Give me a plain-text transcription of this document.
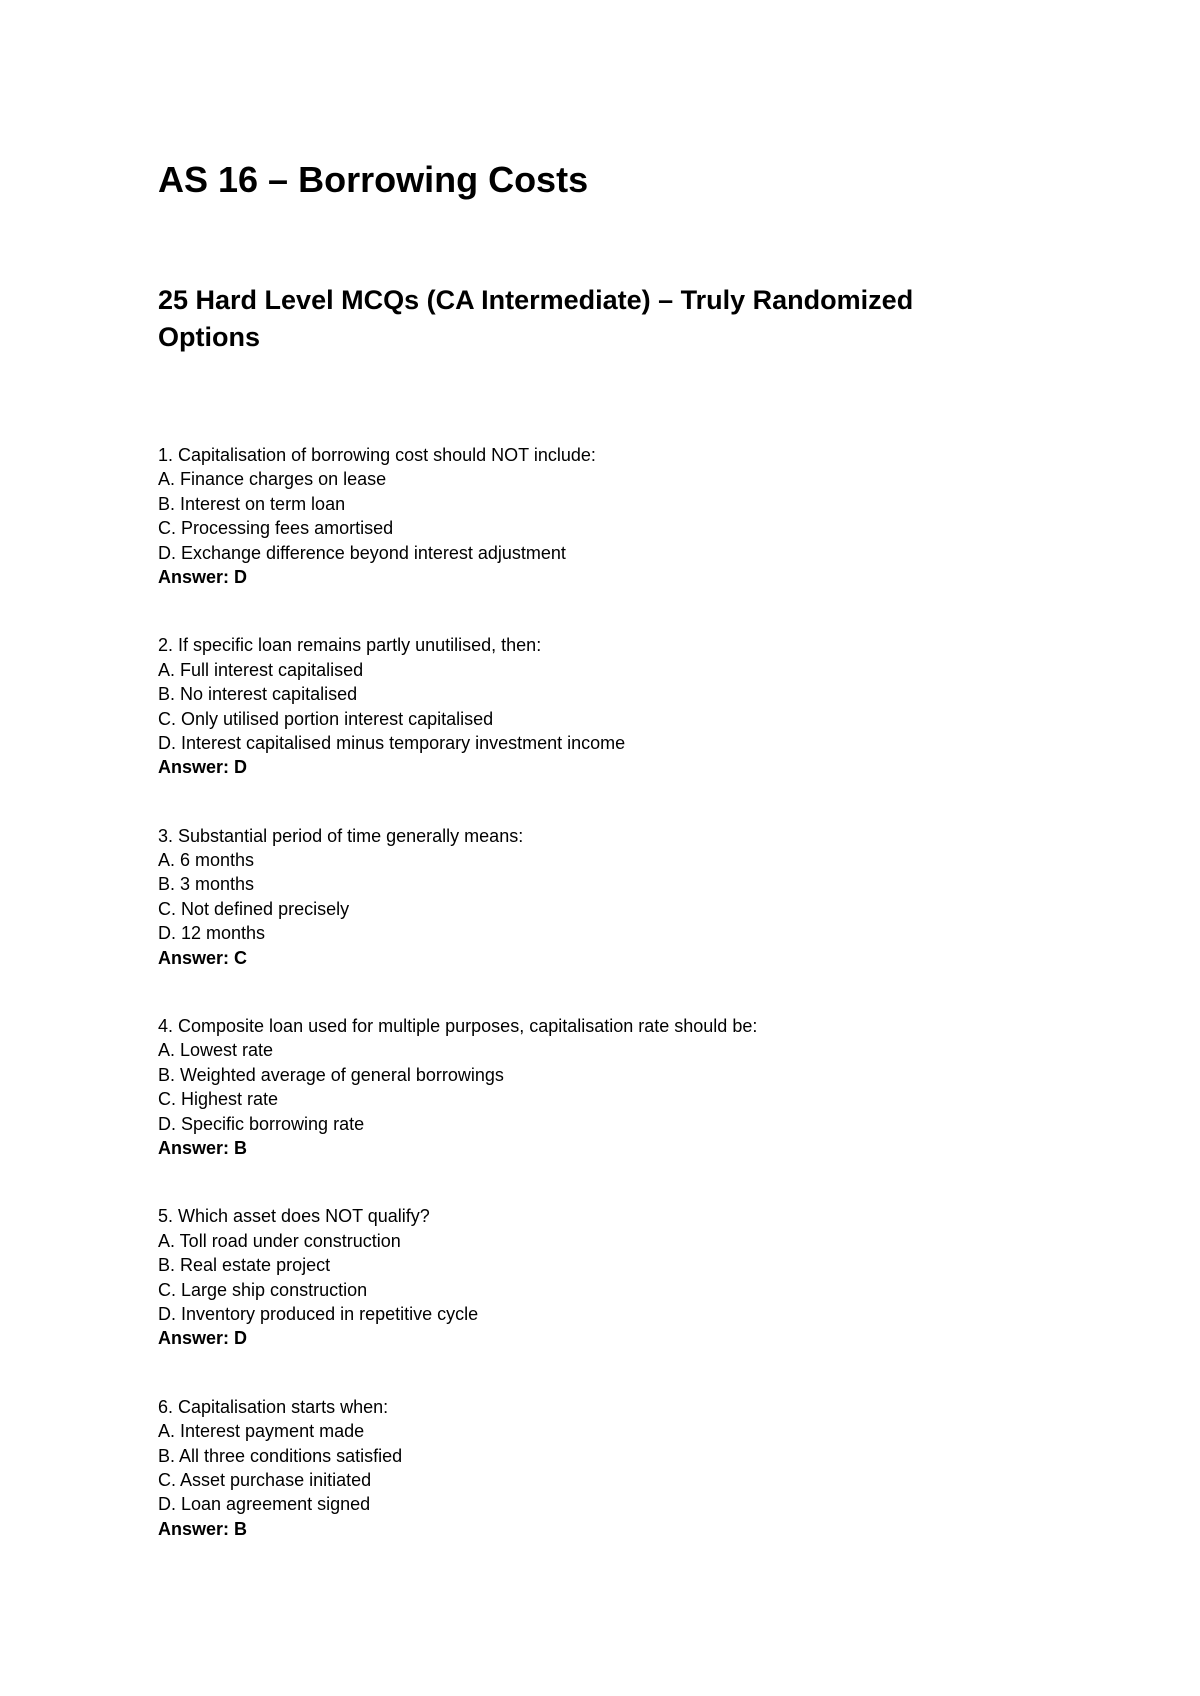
AS 16 – Borrowing Costs
25 Hard Level MCQs (CA Intermediate) – Truly Randomized Options
1. Capitalisation of borrowing cost should NOT include:
A. Finance charges on lease
B. Interest on term loan
C. Processing fees amortised
D. Exchange difference beyond interest adjustment
Answer: D
2. If specific loan remains partly unutilised, then:
A. Full interest capitalised
B. No interest capitalised
C. Only utilised portion interest capitalised
D. Interest capitalised minus temporary investment income
Answer: D
3. Substantial period of time generally means:
A. 6 months
B. 3 months
C. Not defined precisely
D. 12 months
Answer: C
4. Composite loan used for multiple purposes, capitalisation rate should be:
A. Lowest rate
B. Weighted average of general borrowings
C. Highest rate
D. Specific borrowing rate
Answer: B
5. Which asset does NOT qualify?
A. Toll road under construction
B. Real estate project
C. Large ship construction
D. Inventory produced in repetitive cycle
Answer: D
6. Capitalisation starts when:
A. Interest payment made
B. All three conditions satisfied
C. Asset purchase initiated
D. Loan agreement signed
Answer: B
